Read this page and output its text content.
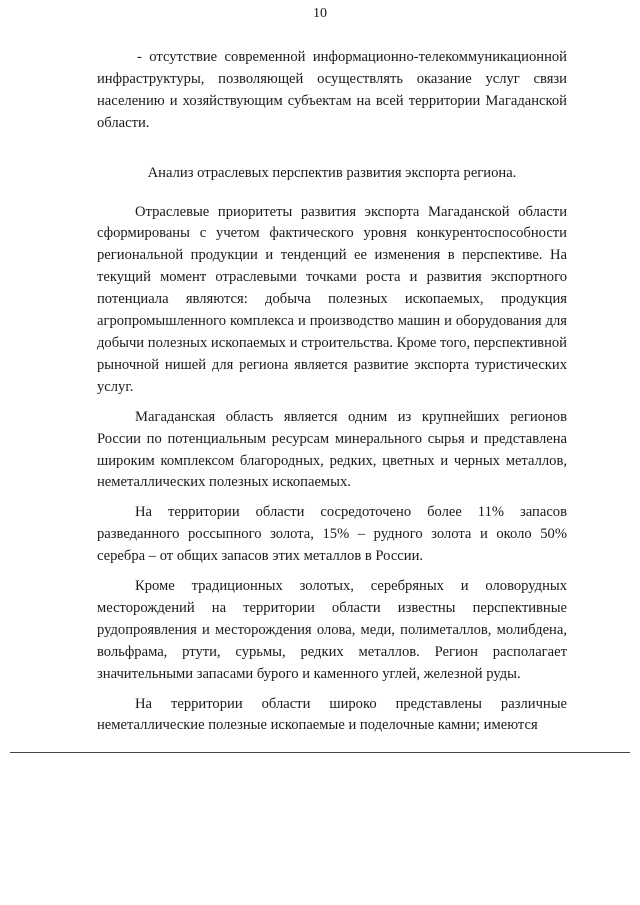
10

- отсутствие современной информационно-телекоммуникационной инфраструктуры, позволяющей осуществлять оказание услуг связи населению и хозяйствующим субъектам на всей территории Магаданской области.

Анализ отраслевых перспектив развития экспорта региона.

Отраслевые приоритеты развития экспорта Магаданской области сформированы с учетом фактического уровня конкурентоспособности региональной продукции и тенденций ее изменения в перспективе. На текущий момент отраслевыми точками роста и развития экспортного потенциала являются: добыча полезных ископаемых, продукция агропромышленного комплекса и производство машин и оборудования для добычи полезных ископаемых и строительства. Кроме того, перспективной рыночной нишей для региона является развитие экспорта туристических услуг.

Магаданская область является одним из крупнейших регионов России по потенциальным ресурсам минерального сырья и представлена широким комплексом благородных, редких, цветных и черных металлов, неметаллических полезных ископаемых.

На территории области сосредоточено более 11% запасов разведанного россыпного золота, 15% – рудного золота и около 50% серебра – от общих запасов этих металлов в России.

Кроме традиционных золотых, серебряных и оловорудных месторождений на территории области известны перспективные рудопроявления и месторождения олова, меди, полиметаллов, молибдена, вольфрама, ртути, сурьмы, редких металлов. Регион располагает значительными запасами бурого и каменного углей, железной руды.

На территории области широко представлены различные неметаллические полезные ископаемые и поделочные камни; имеются
